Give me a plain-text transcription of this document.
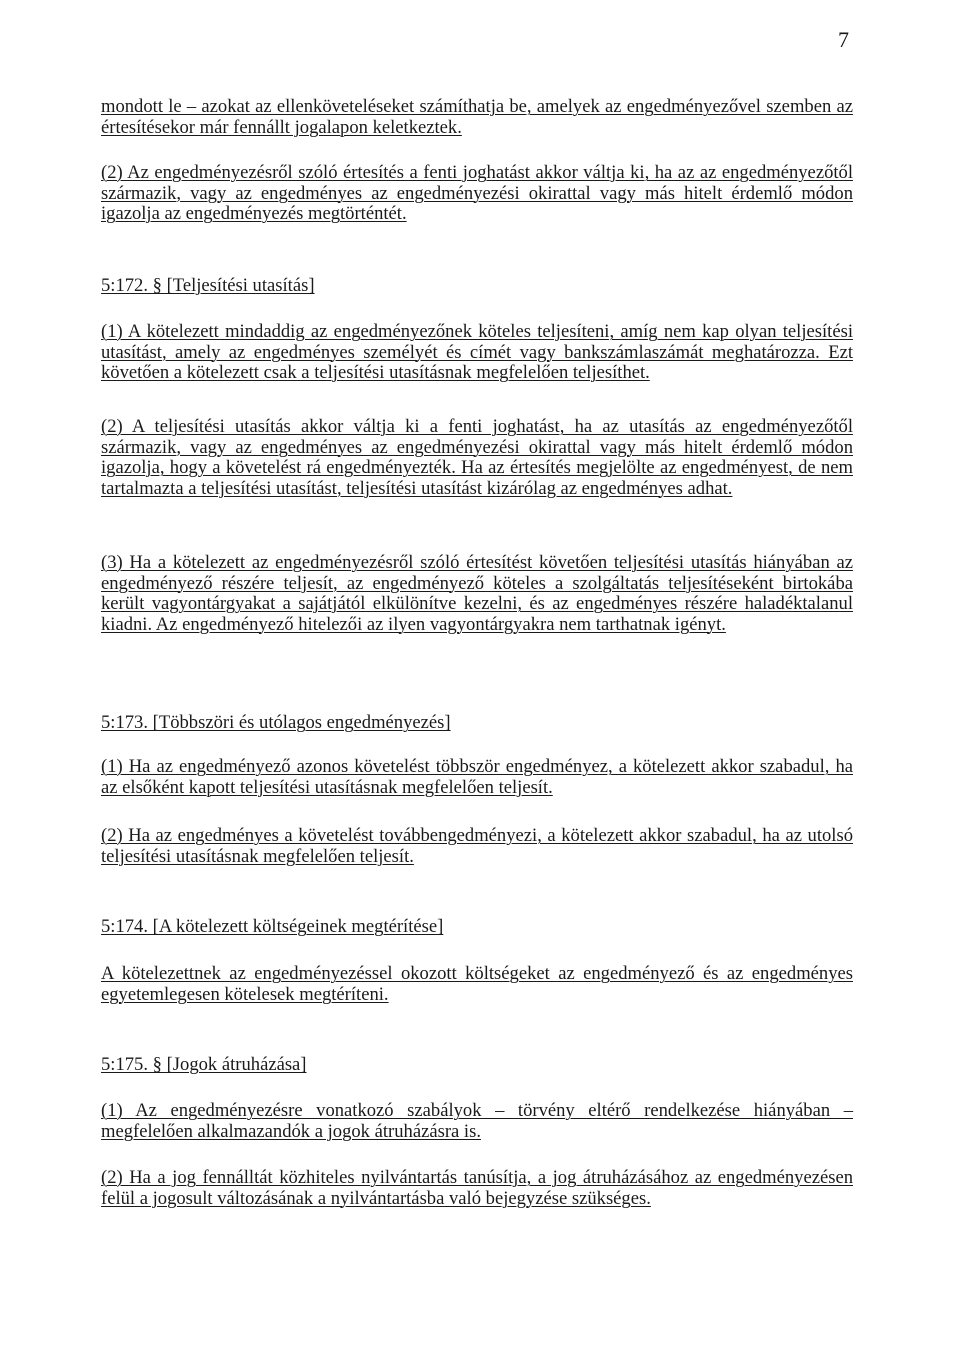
7
mondott le – azokat az ellenköveteléseket számíthatja be, amelyek az engedményezővel szemben az értesítésekor már fennállt jogalapon keletkeztek.
(2) Az engedményezésről szóló értesítés a fenti joghatást akkor váltja ki, ha az az engedményezőtől származik, vagy az engedményes az engedményezési okirattal vagy más hitelt érdemlő módon igazolja az engedményezés megtörténtét.
5:172. § [Teljesítési utasítás]
(1) A kötelezett mindaddig az engedményezőnek köteles teljesíteni, amíg nem kap olyan teljesítési utasítást, amely az engedményes személyét és címét vagy bankszámlaszámát meghatározza. Ezt követően a kötelezett csak a teljesítési utasításnak megfelelően teljesíthet.
(2) A teljesítési utasítás akkor váltja ki a fenti joghatást, ha az utasítás az engedményezőtől származik, vagy az engedményes az engedményezési okirattal vagy más hitelt érdemlő módon igazolja, hogy a követelést rá engedményezték. Ha az értesítés megjelölte az engedményest, de nem tartalmazta a teljesítési utasítást, teljesítési utasítást kizárólag az engedményes adhat.
(3) Ha a kötelezett az engedményezésről szóló értesítést követően teljesítési utasítás hiányában az engedményező részére teljesít, az engedményező köteles a szolgáltatás teljesítéseként birtokába került vagyontárgyakat a sajátjától elkülönítve kezelni, és az engedményes részére haladéktalanul kiadni. Az engedményező hitelezői az ilyen vagyontárgyakra nem tarthatnak igényt.
5:173. [Többszöri és utólagos engedményezés]
(1) Ha az engedményező azonos követelést többször engedményez, a kötelezett akkor szabadul, ha az elsőként kapott teljesítési utasításnak megfelelően teljesít.
(2) Ha az engedményes a követelést továbbengedményezi, a kötelezett akkor szabadul, ha az utolsó teljesítési utasításnak megfelelően teljesít.
5:174. [A kötelezett költségeinek megtérítése]
A kötelezettnek az engedményezéssel okozott költségeket az engedményező és az engedményes egyetemlegesen kötelesek megtéríteni.
5:175. § [Jogok átruházása]
(1) Az engedményezésre vonatkozó szabályok – törvény eltérő rendelkezése hiányában – megfelelően alkalmazandók a jogok átruházásra is.
(2) Ha a jog fennálltát közhiteles nyilvántartás tanúsítja, a jog átruházásához az engedményezésen felül a jogosult változásának a nyilvántartásba való bejegyzése szükséges.
